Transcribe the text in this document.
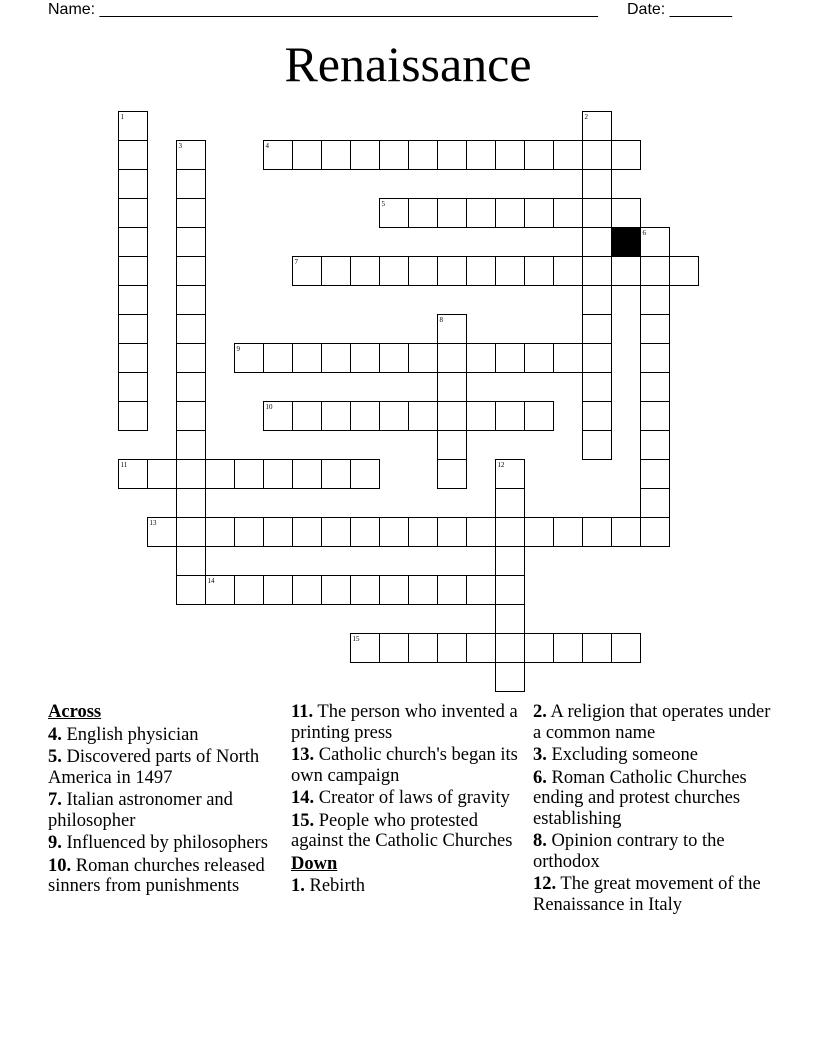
Name: ________________________________________________________ Date: _______
Renaissance
1	2
3	4
5
6
7
8
9
10
11	12
13
14
15
Across
4. English physician
5. Discovered parts of North America in 1497
7. Italian astronomer and philosopher
9. Influenced by philosophers
10. Roman churches released sinners from punishments
11. The person who invented a printing press
13. Catholic church's began its own campaign
14. Creator of laws of gravity
15. People who protested against the Catholic Churches
Down
1. Rebirth
2. A religion that operates under a common name
3. Excluding someone
6. Roman Catholic Churches ending and protest churches establishing
8. Opinion contrary to the orthodox
12. The great movement of the Renaissance in Italy
